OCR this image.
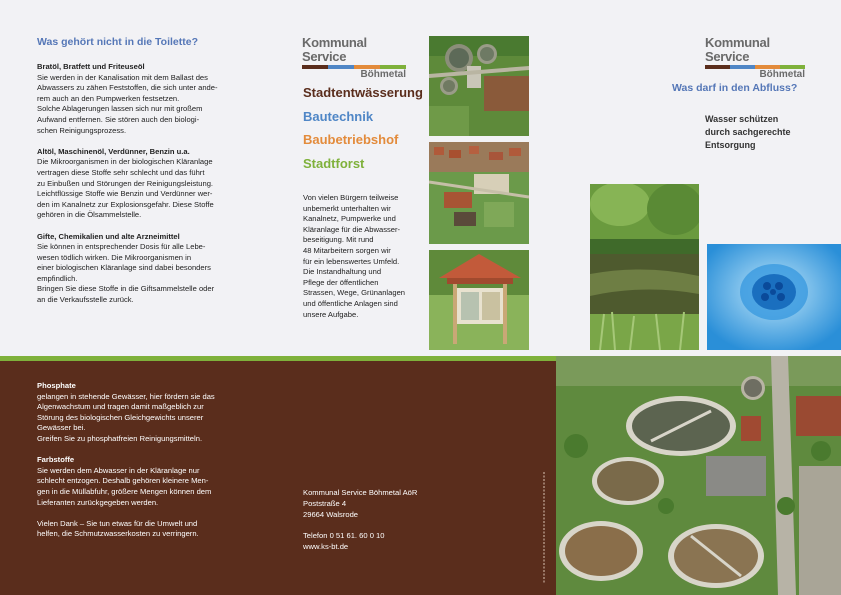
Was gehört nicht in die Toilette?
Bratöl, Bratfett und Friteuseöl
Sie werden in der Kanalisation mit dem Ballast des
Abwassers zu zähen Feststoffen, die sich unter ande-
rem auch an den Pumpwerken festsetzen.
Solche Ablagerungen lassen sich nur mit großem
Aufwand entfernen. Sie stören auch den biologi-
schen Reinigungsprozess.
Altöl, Maschinenöl, Verdünner, Benzin u.a.
Die Mikroorganismen in der biologischen Kläranlage
vertragen diese Stoffe sehr schlecht und das führt
zu Einbußen und Störungen der Reinigungsleistung.
Leichtflüssige Stoffe wie Benzin und Verdünner wer-
den im Kanalnetz zur Explosionsgefahr. Diese Stoffe
gehören in die Ölsammelstelle.
Gifte, Chemikalien und alte Arzneimittel
Sie können in entsprechender Dosis für alle Lebe-
wesen tödlich wirken. Die Mikroorganismen in
einer biologischen Kläranlage sind dabei besonders
empfindlich.
Bringen Sie diese Stoffe in die Giftsammelstelle oder
an die Verkaufsstelle zurück.
Kommunal Service
Böhmetal
Stadtentwässerung
Bautechnik
Baubetriebshof
Stadtforst
Von vielen Bürgern teilweise
unbemerkt unterhalten wir
Kanalnetz, Pumpwerke und
Kläranlage für die Abwasser-
beseitigung. Mit rund
48 Mitarbeitern sorgen wir
für ein lebenswertes Umfeld.
Die Instandhaltung und
Pflege der öffentlichen
Strassen, Wege, Grünanlagen
und öffentliche Anlagen sind
unsere Aufgabe.
Kommunal Service
Böhmetal
Was darf in den Abfluss?
Wasser schützen
durch sachgerechte
Entsorgung
Phosphate
gelangen in stehende Gewässer, hier fördern sie das
Algenwachstum und tragen damit maßgeblich zur
Störung des biologischen Gleichgewichts unserer
Gewässer bei.
Greifen Sie zu phosphatfreien Reinigungsmitteln.
Farbstoffe
Sie werden dem Abwasser in der Kläranlage nur
schlecht entzogen. Deshalb gehören kleinere Men-
gen in die Müllabfuhr, größere Mengen können dem
Lieferanten zurückgegeben werden.
Vielen Dank – Sie tun etwas für die Umwelt und
helfen, die Schmutzwasserkosten zu verringern.
Kommunal Service Böhmetal AöR
Poststraße 4
29664 Walsrode
Telefon 0 51 61. 60 0 10
www.ks-bt.de
